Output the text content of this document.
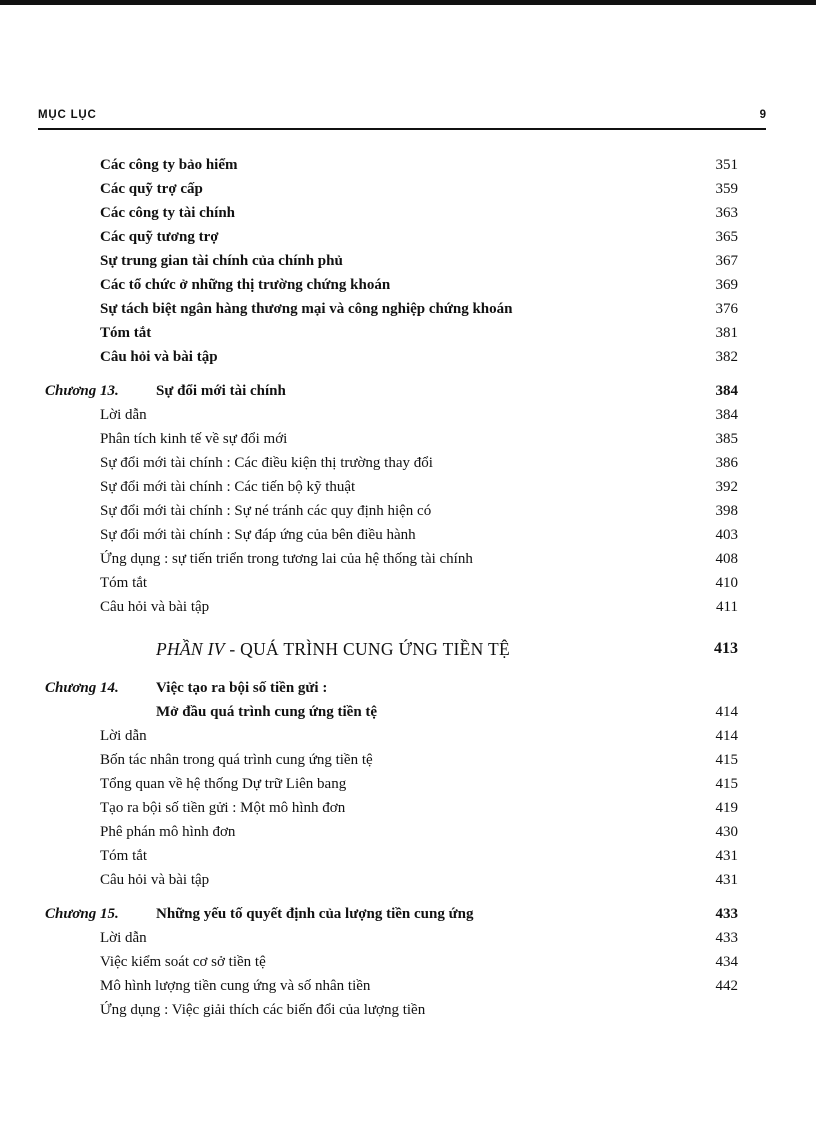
MỤC LỤC	9
Các công ty bảo hiểm	351
Các quỹ trợ cấp	359
Các công ty tài chính	363
Các quỹ tương trợ	365
Sự trung gian tài chính của chính phủ	367
Các tổ chức ở những thị trường chứng khoán	369
Sự tách biệt ngân hàng thương mại và công nghiệp chứng khoán	376
Tóm tắt	381
Câu hỏi và bài tập	382
Chương 13. Sự đổi mới tài chính	384
Lời dẫn	384
Phân tích kinh tế về sự đổi mới	385
Sự đổi mới tài chính : Các điều kiện thị trường thay đổi	386
Sự đổi mới tài chính : Các tiến bộ kỹ thuật	392
Sự đổi mới tài chính : Sự né tránh các quy định hiện có	398
Sự đổi mới tài chính : Sự đáp ứng của bên điều hành	403
Ứng dụng : sự tiến triển trong tương lai của hệ thống tài chính	408
Tóm tắt	410
Câu hỏi và bài tập	411
PHẦN IV - QUÁ TRÌNH CUNG ỨNG TIỀN TỆ	413
Chương 14. Việc tạo ra bội số tiền gửi :
Mở đầu quá trình cung ứng tiền tệ	414
Lời dẫn	414
Bốn tác nhân trong quá trình cung ứng tiền tệ	415
Tổng quan về hệ thống Dự trữ Liên bang	415
Tạo ra bội số tiền gửi : Một mô hình đơn	419
Phê phán mô hình đơn	430
Tóm tắt	431
Câu hỏi và bài tập	431
Chương 15. Những yếu tố quyết định của lượng tiền cung ứng	433
Lời dẫn	433
Việc kiểm soát cơ sở tiền tệ	434
Mô hình lượng tiền cung ứng và số nhân tiền	442
Ứng dụng : Việc giải thích các biến đổi của lượng tiền
